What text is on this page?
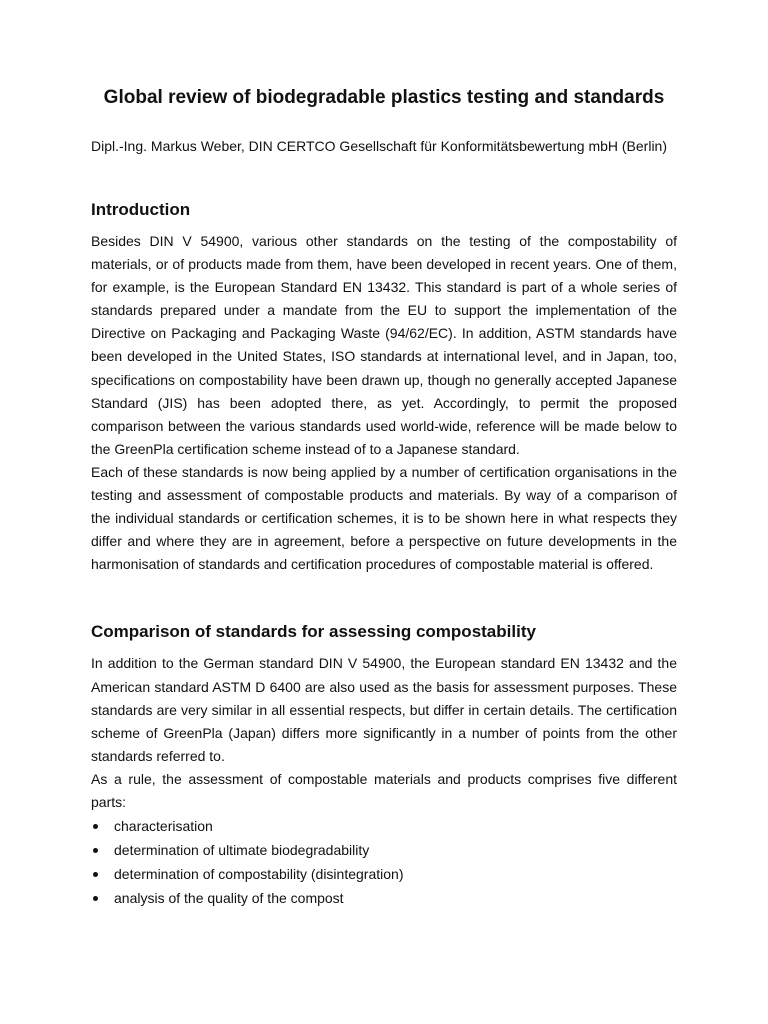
Global review of biodegradable plastics testing and standards

Dipl.-Ing. Markus Weber, DIN CERTCO Gesellschaft für Konformitätsbewertung mbH (Berlin)

Introduction

Besides DIN V 54900, various other standards on the testing of the compostability of materials, or of products made from them, have been developed in recent years. One of them, for example, is the European Standard EN 13432. This standard is part of a whole series of standards prepared under a mandate from the EU to support the implementation of the Directive on Packaging and Packaging Waste (94/62/EC). In addition, ASTM standards have been developed in the United States, ISO standards at international level, and in Japan, too, specifications on compostability have been drawn up, though no generally accepted Japanese Standard (JIS) has been adopted there, as yet. Accordingly, to permit the proposed comparison between the various standards used world-wide, reference will be made below to the GreenPla certification scheme instead of to a Japanese standard.

Each of these standards is now being applied by a number of certification organisations in the testing and assessment of compostable products and materials. By way of a comparison of the individual standards or certification schemes, it is to be shown here in what respects they differ and where they are in agreement, before a perspective on future developments in the harmonisation of standards and certification procedures of compostable material is offered.

Comparison of standards for assessing compostability

In addition to the German standard DIN V 54900, the European standard EN 13432 and the American standard ASTM D 6400 are also used as the basis for assessment purposes. These standards are very similar in all essential respects, but differ in certain details. The certification scheme of GreenPla (Japan) differs more significantly in a number of points from the other standards referred to.

As a rule, the assessment of compostable materials and products comprises five different parts:

characterisation
determination of ultimate biodegradability
determination of compostability (disintegration)
analysis of the quality of the compost
